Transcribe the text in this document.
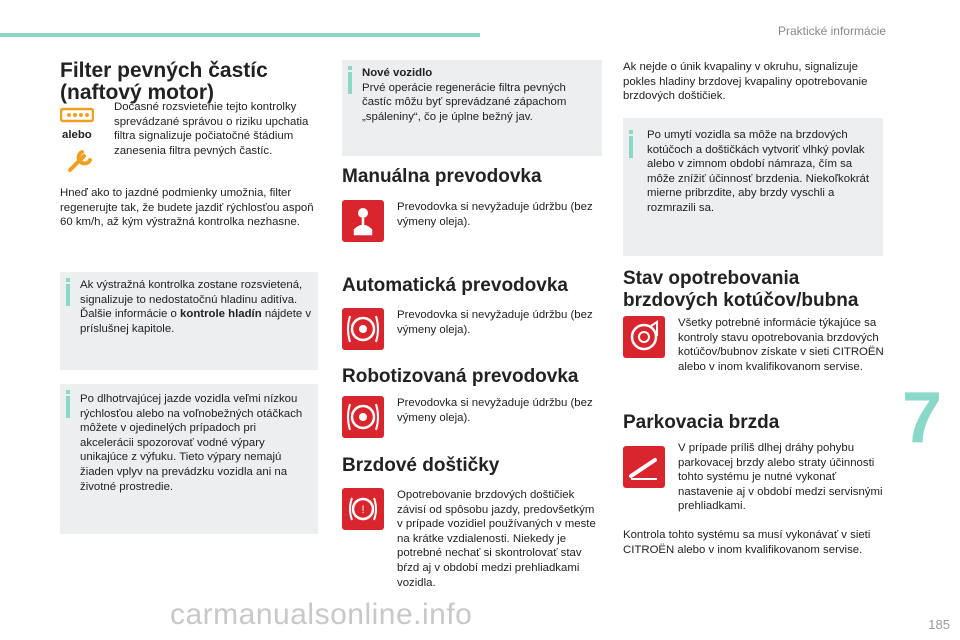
Praktické informácie
7
185
Filter pevných častíc
(naftový motor)
alebo
Dočasné rozsvietenie tejto kontrolky sprevádzané správou o riziku upchatia filtra signalizuje počiatočné štádium zanesenia filtra pevných častíc.
Hneď ako to jazdné podmienky umožnia, filter regenerujte tak, že budete jazdiť rýchlosťou aspoň 60 km/h, až kým výstražná kontrolka nezhasne.
Ak výstražná kontrolka zostane rozsvietená, signalizuje to nedostatočnú hladinu aditíva.
Ďalšie informácie o kontrole hladín nájdete v príslušnej kapitole.
Po dlhotrvajúcej jazde vozidla veľmi nízkou rýchlosťou alebo na voľnobežných otáčkach môžete v ojedinelých prípadoch pri akcelerácii spozorovať vodné výpary unikajúce z výfuku. Tieto výpary nemajú žiaden vplyv na prevádzku vozidla ani na životné prostredie.
Nové vozidlo
Prvé operácie regenerácie filtra pevných častíc môžu byť sprevádzané zápachom „spáleniny“, čo je úplne bežný jav.
Manuálna prevodovka
Prevodovka si nevyžaduje údržbu (bez výmeny oleja).
Automatická prevodovka
Prevodovka si nevyžaduje údržbu (bez výmeny oleja).
Robotizovaná prevodovka
Prevodovka si nevyžaduje údržbu (bez výmeny oleja).
Brzdové doštičky
!
Opotrebovanie brzdových doštičiek závisí od spôsobu jazdy, predovšetkým v prípade vozidiel používaných v meste na krátke vzdialenosti. Niekedy je potrebné nechať si skontrolovať stav bŕzd aj v období medzi prehliadkami vozidla.
Ak nejde o únik kvapaliny v okruhu, signalizuje pokles hladiny brzdovej kvapaliny opotrebovanie brzdových doštičiek.
Po umytí vozidla sa môže na brzdových kotúčoch a doštičkách vytvoriť vlhký povlak alebo v zimnom období námraza, čím sa môže znížiť účinnosť brzdenia. Niekoľkokrát mierne pribrzdite, aby brzdy vyschli a rozmrazili sa.
Stav opotrebovania
brzdových kotúčov/bubna
Všetky potrebné informácie týkajúce sa kontroly stavu opotrebovania brzdových kotúčov/bubnov získate v sieti CITROËN alebo v inom kvalifikovanom servise.
Parkovacia brzda
V prípade príliš dlhej dráhy pohybu parkovacej brzdy alebo straty účinnosti tohto systému je nutné vykonať nastavenie aj v období medzi servisnými prehliadkami.
Kontrola tohto systému sa musí vykonávať v sieti CITROËN alebo v inom kvalifikovanom servise.
carmanualsonline.info
